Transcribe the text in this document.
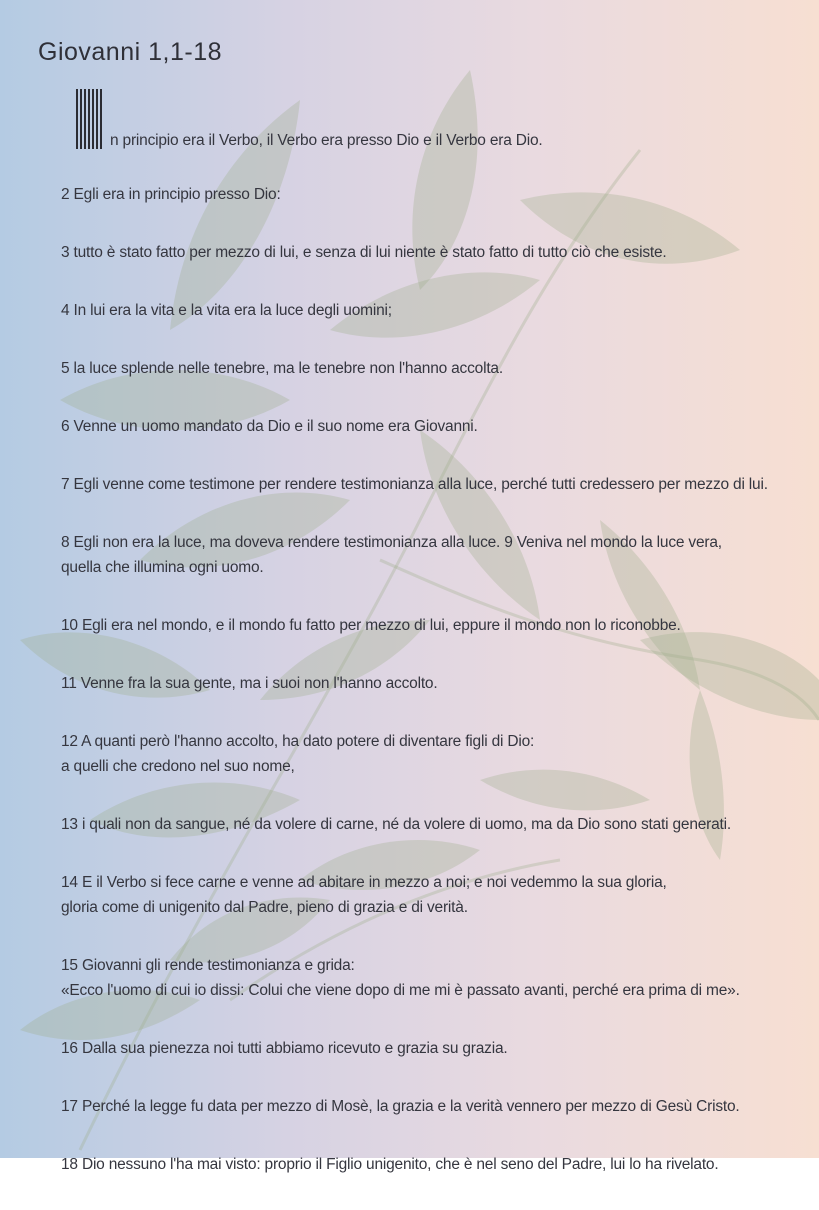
Giovanni 1,1-18
n principio era il Verbo, il Verbo era presso Dio e il Verbo era Dio.

2 Egli era in principio presso Dio:

3 tutto è stato fatto per mezzo di lui, e senza di lui niente è stato fatto di tutto ciò che esiste.

4 In lui era la vita e la vita era la luce degli uomini;

5 la luce splende nelle tenebre, ma le tenebre non l'hanno accolta.

6 Venne un uomo mandato da Dio e il suo nome era Giovanni.

7 Egli venne come testimone per rendere testimonianza alla luce, perché tutti credessero per mezzo di lui.

8 Egli non era la luce, ma doveva rendere testimonianza alla luce. 9 Veniva nel mondo la luce vera,
quella che illumina ogni uomo.

10 Egli era nel mondo, e il mondo fu fatto per mezzo di lui, eppure il mondo non lo riconobbe.

11 Venne fra la sua gente, ma i suoi non l'hanno accolto.

12 A quanti però l'hanno accolto, ha dato potere di diventare figli di Dio:
a quelli che credono nel suo nome,

13 i quali non da sangue, né da volere di carne, né da volere di uomo, ma da Dio sono stati generati.

14 E il Verbo si fece carne e venne ad abitare in mezzo a noi; e noi vedemmo la sua gloria,
gloria come di unigenito dal Padre, pieno di grazia e di verità.

15 Giovanni gli rende testimonianza e grida:
«Ecco l'uomo di cui io dissi: Colui che viene dopo di me mi è passato avanti, perché era prima di me».

16 Dalla sua pienezza noi tutti abbiamo ricevuto e grazia su grazia.

17 Perché la legge fu data per mezzo di Mosè, la grazia e la verità vennero per mezzo di Gesù Cristo.

18 Dio nessuno l'ha mai visto: proprio il Figlio unigenito, che è nel seno del Padre, lui lo ha rivelato.
